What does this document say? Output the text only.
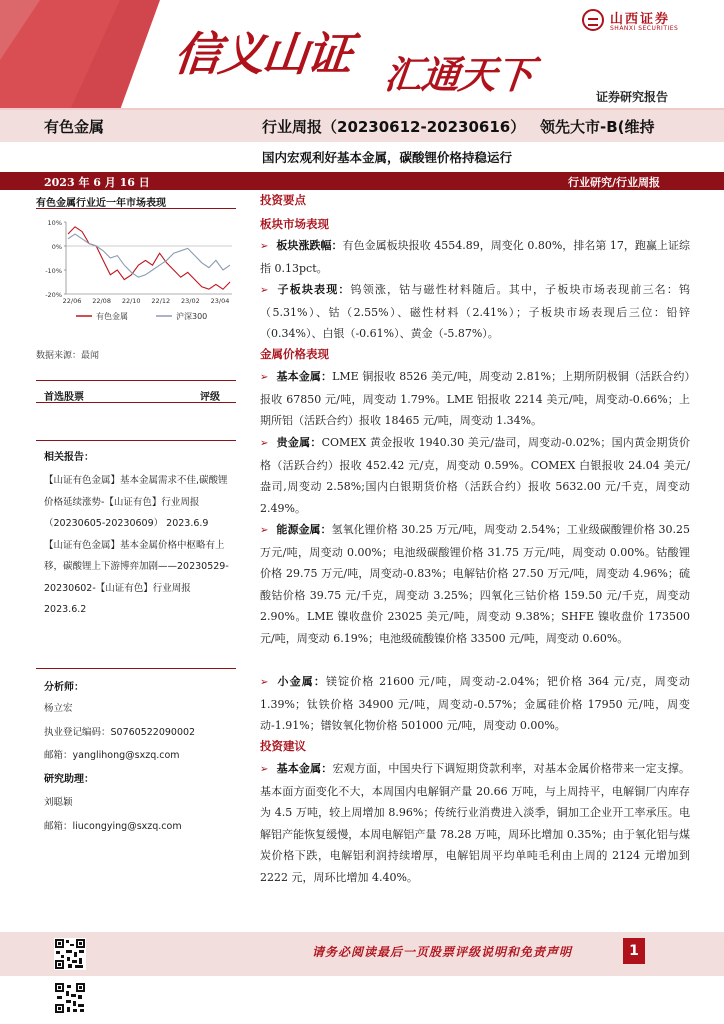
信义山证 汇通天下
山西证券
SHANXI SECURITIES
证券研究报告
有色金属	行业周报（20230612-20230616） 领先大市-B(维持
国内宏观利好基本金属，碳酸锂价格持稳运行
2023 年 6 月 16 日	行业研究/行业周报
有色金属行业近一年市场表现
10%
0%
-10%
-20%
22/06 22/08 22/10 22/12 23/02 23/04
有色金属	沪深300
数据来源：最闻
首选股票	评级
相关报告：

【山证有色金属】基本金属需求不佳,碳酸锂价格延续涨势-【山证有色】行业周报（20230605-20230609） 2023.6.9

【山证有色金属】基本金属价格中枢略有上移，碳酸锂上下游博弈加剧——20230529-20230602-【山证有色】行业周报 2023.6.2

分析师：
杨立宏
执业登记编码：S0760522090002
邮箱：yanglihong@sxzq.com
研究助理：
刘聪颖
邮箱：liucongying@sxzq.com
投资要点
板块市场表现
➢ 板块涨跌幅：有色金属板块报收 4554.89，周变化 0.80%，排名第 17，跑赢上证综指 0.13pct。
➢ 子板块表现：钨领涨，钴与磁性材料随后。其中，子板块市场表现前三名：钨（5.31%）、钴（2.55%）、磁性材料（2.41%）；子板块市场表现后三位：铅锌（0.34%）、白银（-0.61%）、黄金（-5.87%）。
金属价格表现
➢ 基本金属：LME 铜报收 8526 美元/吨，周变动 2.81%；上期所阴极铜（活跃合约）报收 67850 元/吨，周变动 1.79%。LME 铝报收 2214 美元/吨，周变动-0.66%；上期所铝（活跃合约）报收 18465 元/吨，周变动 1.34%。
➢ 贵金属：COMEX 黄金报收 1940.30 美元/盎司，周变动-0.02%；国内黄金期货价格（活跃合约）报收 452.42 元/克，周变动 0.59%。COMEX 白银报收 24.04 美元/盎司,周变动 2.58%;国内白银期货价格（活跃合约）报收 5632.00 元/千克，周变动 2.49%。
➢ 能源金属：氢氧化锂价格 30.25 万元/吨，周变动 2.54%；工业级碳酸锂价格 30.25 万元/吨，周变动 0.00%；电池级碳酸锂价格 31.75 万元/吨，周变动 0.00%。钴酸锂价格 29.75 万元/吨，周变动-0.83%；电解钴价格 27.50 万元/吨，周变动 4.96%；硫酸钴价格 39.75 元/千克，周变动 3.25%；四氧化三钴价格 159.50 元/千克，周变动 2.90%。LME 镍收盘价 23025 美元/吨，周变动 9.38%；SHFE 镍收盘价 173500 元/吨，周变动 6.19%；电池级硫酸镍价格 33500 元/吨，周变动 0.60%。
➢ 小金属：镁锭价格 21600 元/吨，周变动-2.04%；钯价格 364 元/克，周变动 1.39%；钛铁价格 34900 元/吨，周变动-0.57%；金属硅价格 17950 元/吨，周变动-1.91%；镨钕氧化物价格 501000 元/吨，周变动 0.00%。
投资建议
➢ 基本金属：宏观方面，中国央行下调短期贷款利率，对基本金属价格带来一定支撑。基本面方面变化不大，本周国内电解铜产量 20.66 万吨，与上周持平，电解铜厂内库存为 4.5 万吨，较上周增加 8.96%；传统行业消费进入淡季，铜加工企业开工率承压。电解铝产能恢复缓慢，本周电解铝产量 78.28 万吨，周环比增加 0.35%；由于氧化铝与煤炭价格下跌，电解铝利润持续增厚，电解铝周平均单吨毛利由上周的 2124 元增加到 2222 元，周环比增加 4.40%。
请务必阅读最后一页股票评级说明和免责声明	1
